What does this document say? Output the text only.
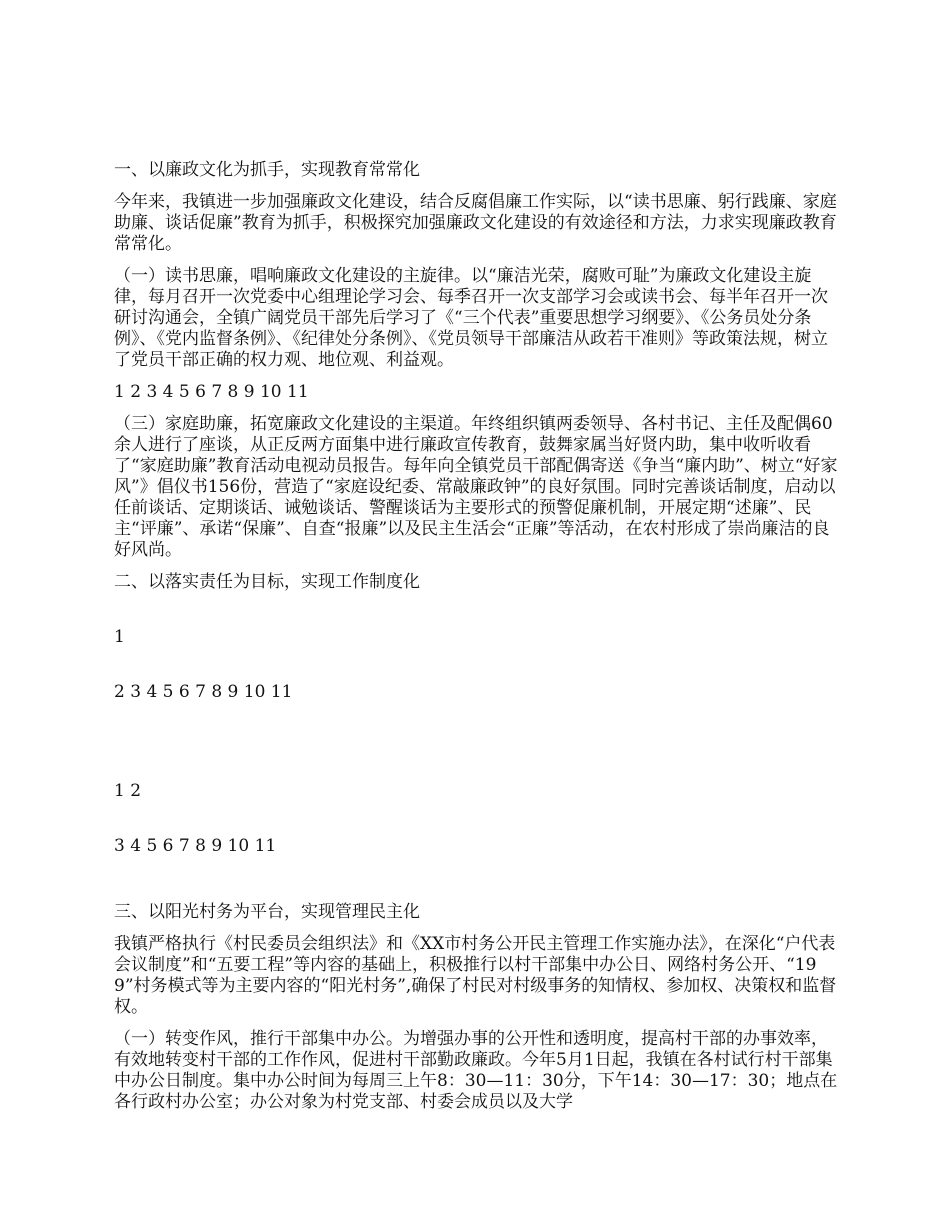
一、以廉政文化为抓手，实现教育常常化

今年来，我镇进一步加强廉政文化建设，结合反腐倡廉工作实际，以“读书思廉、躬行践廉、家庭助廉、谈话促廉”教育为抓手，积极探究加强廉政文化建设的有效途径和方法，力求实现廉政教育常常化。

（一）读书思廉，唱响廉政文化建设的主旋律。以“廉洁光荣，腐败可耻”为廉政文化建设主旋律，每月召开一次党委中心组理论学习会、每季召开一次支部学习会或读书会、每半年召开一次研讨沟通会，全镇广阔党员干部先后学习了《“三个代表”重要思想学习纲要》、《公务员处分条例》、《党内监督条例》、《纪律处分条例》、《党员领导干部廉洁从政若干准则》等政策法规，树立了党员干部正确的权力观、地位观、利益观。

1 2 3 4 5 6 7 8 9 10 11

（三）家庭助廉，拓宽廉政文化建设的主渠道。年终组织镇两委领导、各村书记、主任及配偶60余人进行了座谈，从正反两方面集中进行廉政宣传教育，鼓舞家属当好贤内助，集中收听收看了“家庭助廉”教育活动电视动员报告。每年向全镇党员干部配偶寄送《争当“廉内助”、树立“好家风”》倡仪书156份，营造了“家庭设纪委、常敲廉政钟”的良好氛围。同时完善谈话制度，启动以任前谈话、定期谈话、诫勉谈话、警醒谈话为主要形式的预警促廉机制，开展定期“述廉”、民主“评廉”、承诺“保廉”、自查“报廉”以及民主生活会“正廉”等活动，在农村形成了崇尚廉洁的良好风尚。

二、以落实责任为目标，实现工作制度化

1

2 3 4 5 6 7 8 9 10 11

1 2

3 4 5 6 7 8 9 10 11

三、以阳光村务为平台，实现管理民主化

我镇严格执行《村民委员会组织法》和《XX市村务公开民主管理工作实施办法》，在深化“户代表会议制度”和“五要工程”等内容的基础上，积极推行以村干部集中办公日、网络村务公开、“199”村务模式等为主要内容的“阳光村务”,确保了村民对村级事务的知情权、参加权、决策权和监督权。

（一）转变作风，推行干部集中办公。为增强办事的公开性和透明度，提高村干部的办事效率，有效地转变村干部的工作作风，促进村干部勤政廉政。今年5月1日起，我镇在各村试行村干部集中办公日制度。集中办公时间为每周三上午8：30—11：30分，下午14：30—17：30；地点在各行政村办公室；办公对象为村党支部、村委会成员以及大学
